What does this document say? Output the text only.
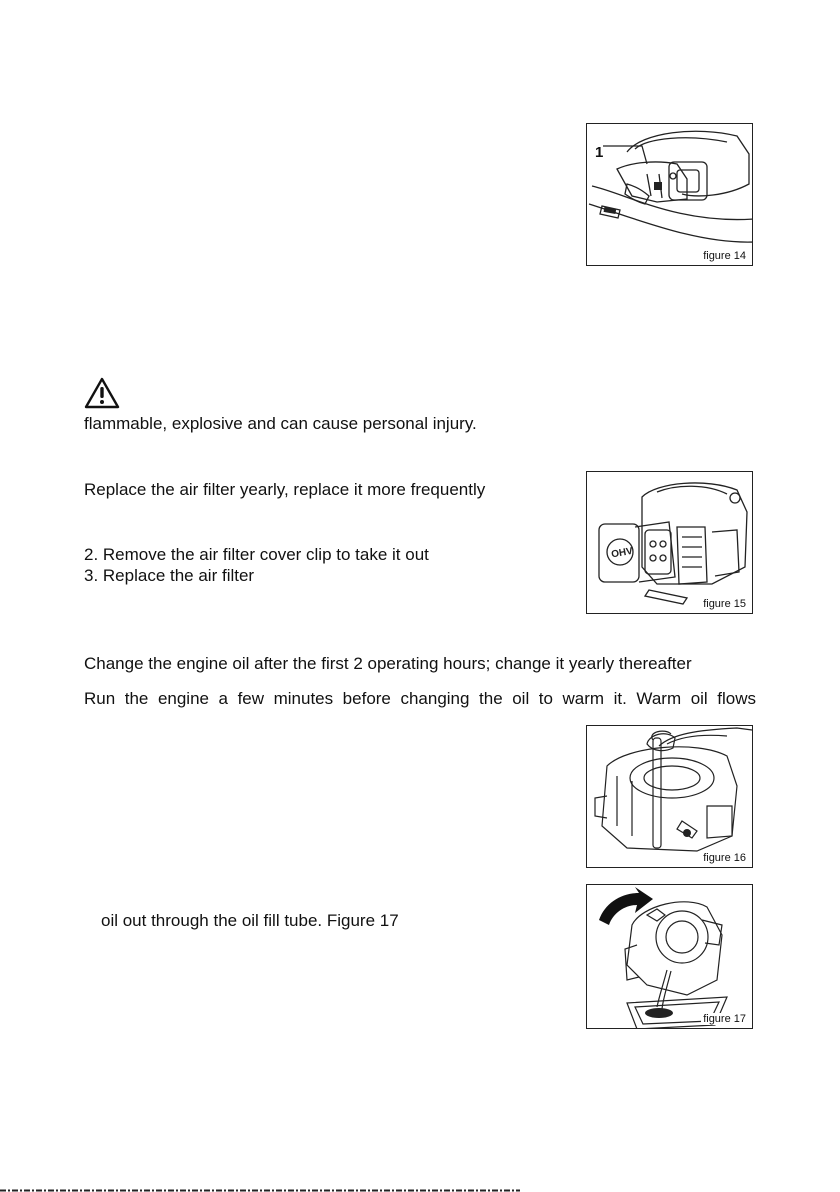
1
figure 14

flammable, explosive and can cause personal injury.

Replace the air filter yearly, replace it more frequently

2. Remove the air filter cover clip to take it out

3. Replace the air filter

OHV
figure 15

Change the engine oil after the first 2 operating hours; change it yearly thereafter

Run the engine a few minutes before changing the oil to warm it. Warm oil flows

figure 16

oil out through the oil fill tube. Figure 17

figure 17
